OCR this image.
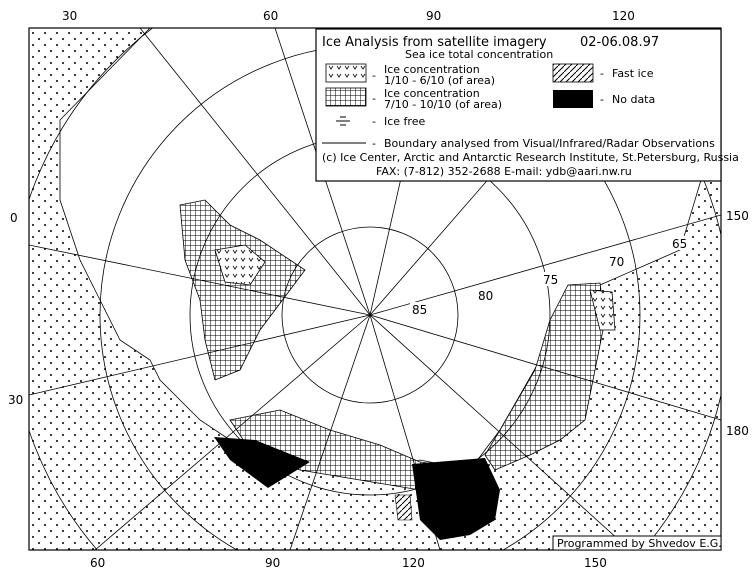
30	60	90	120
0
30
150
180
60	90	120	150
85
80
75
70
65
Ice Analysis from satellite imagery	02-06.08.97
Sea ice total concentration
- Ice concentration
1/10 - 6/10 (of area)
- Ice concentration
7/10 - 10/10 (of area)
- Fast ice
- No data
- Ice free
- Boundary analysed from Visual/Infrared/Radar Observations
(c) Ice Center, Arctic and Antarctic Research Institute, St.Petersburg, Russia
FAX: (7-812) 352-2688 E-mail: ydb@aari.nw.ru
Programmed by Shvedov E.G.
